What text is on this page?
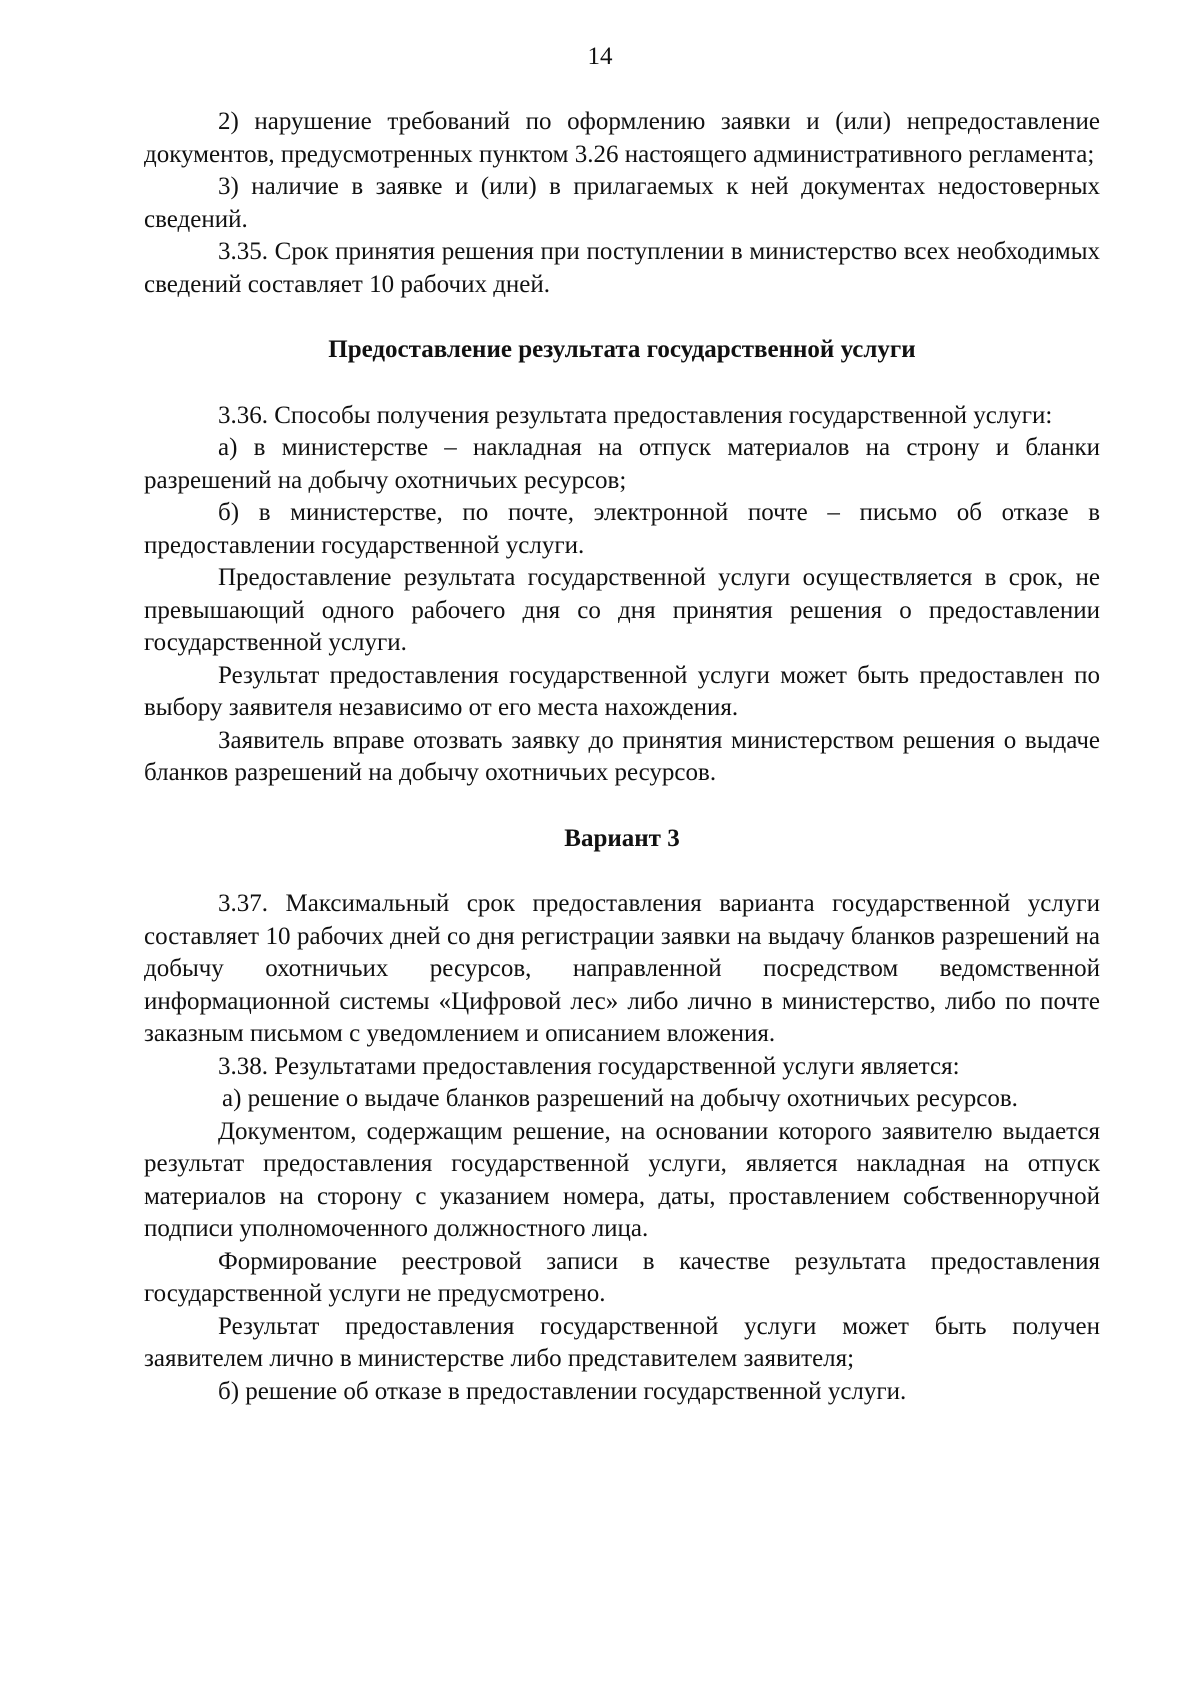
14

2) нарушение требований по оформлению заявки и (или) непредоставление документов, предусмотренных пунктом 3.26 настоящего административного регламента;

3) наличие в заявке и (или) в прилагаемых к ней документах недостоверных сведений.

3.35. Срок принятия решения при поступлении в министерство всех необходимых сведений составляет 10 рабочих дней.

Предоставление результата государственной услуги

3.36. Способы получения результата предоставления государственной услуги:

а) в министерстве – накладная на отпуск материалов на строну и бланки разрешений на добычу охотничьих ресурсов;

б) в министерстве, по почте, электронной почте – письмо об отказе в предоставлении государственной услуги.

Предоставление результата государственной услуги осуществляется в срок, не превышающий одного рабочего дня со дня принятия решения о предоставлении государственной услуги.

Результат предоставления государственной услуги может быть предоставлен по выбору заявителя независимо от его места нахождения.

Заявитель вправе отозвать заявку до принятия министерством решения о выдаче бланков разрешений на добычу охотничьих ресурсов.

Вариант 3

3.37. Максимальный срок предоставления варианта государственной услуги составляет 10 рабочих дней со дня регистрации заявки на выдачу бланков разрешений на добычу охотничьих ресурсов, направленной посредством ведомственной информационной системы «Цифровой лес» либо лично в министерство, либо по почте заказным письмом с уведомлением и описанием вложения.

3.38. Результатами предоставления государственной услуги является:

а) решение о выдаче бланков разрешений на добычу охотничьих ресурсов.

Документом, содержащим решение, на основании которого заявителю выдается результат предоставления государственной услуги, является накладная на отпуск материалов на сторону с указанием номера, даты, проставлением собственноручной подписи уполномоченного должностного лица.

Формирование реестровой записи в качестве результата предоставления государственной услуги не предусмотрено.

Результат предоставления государственной услуги может быть получен заявителем лично в министерстве либо представителем заявителя;

б) решение об отказе в предоставлении государственной услуги.
